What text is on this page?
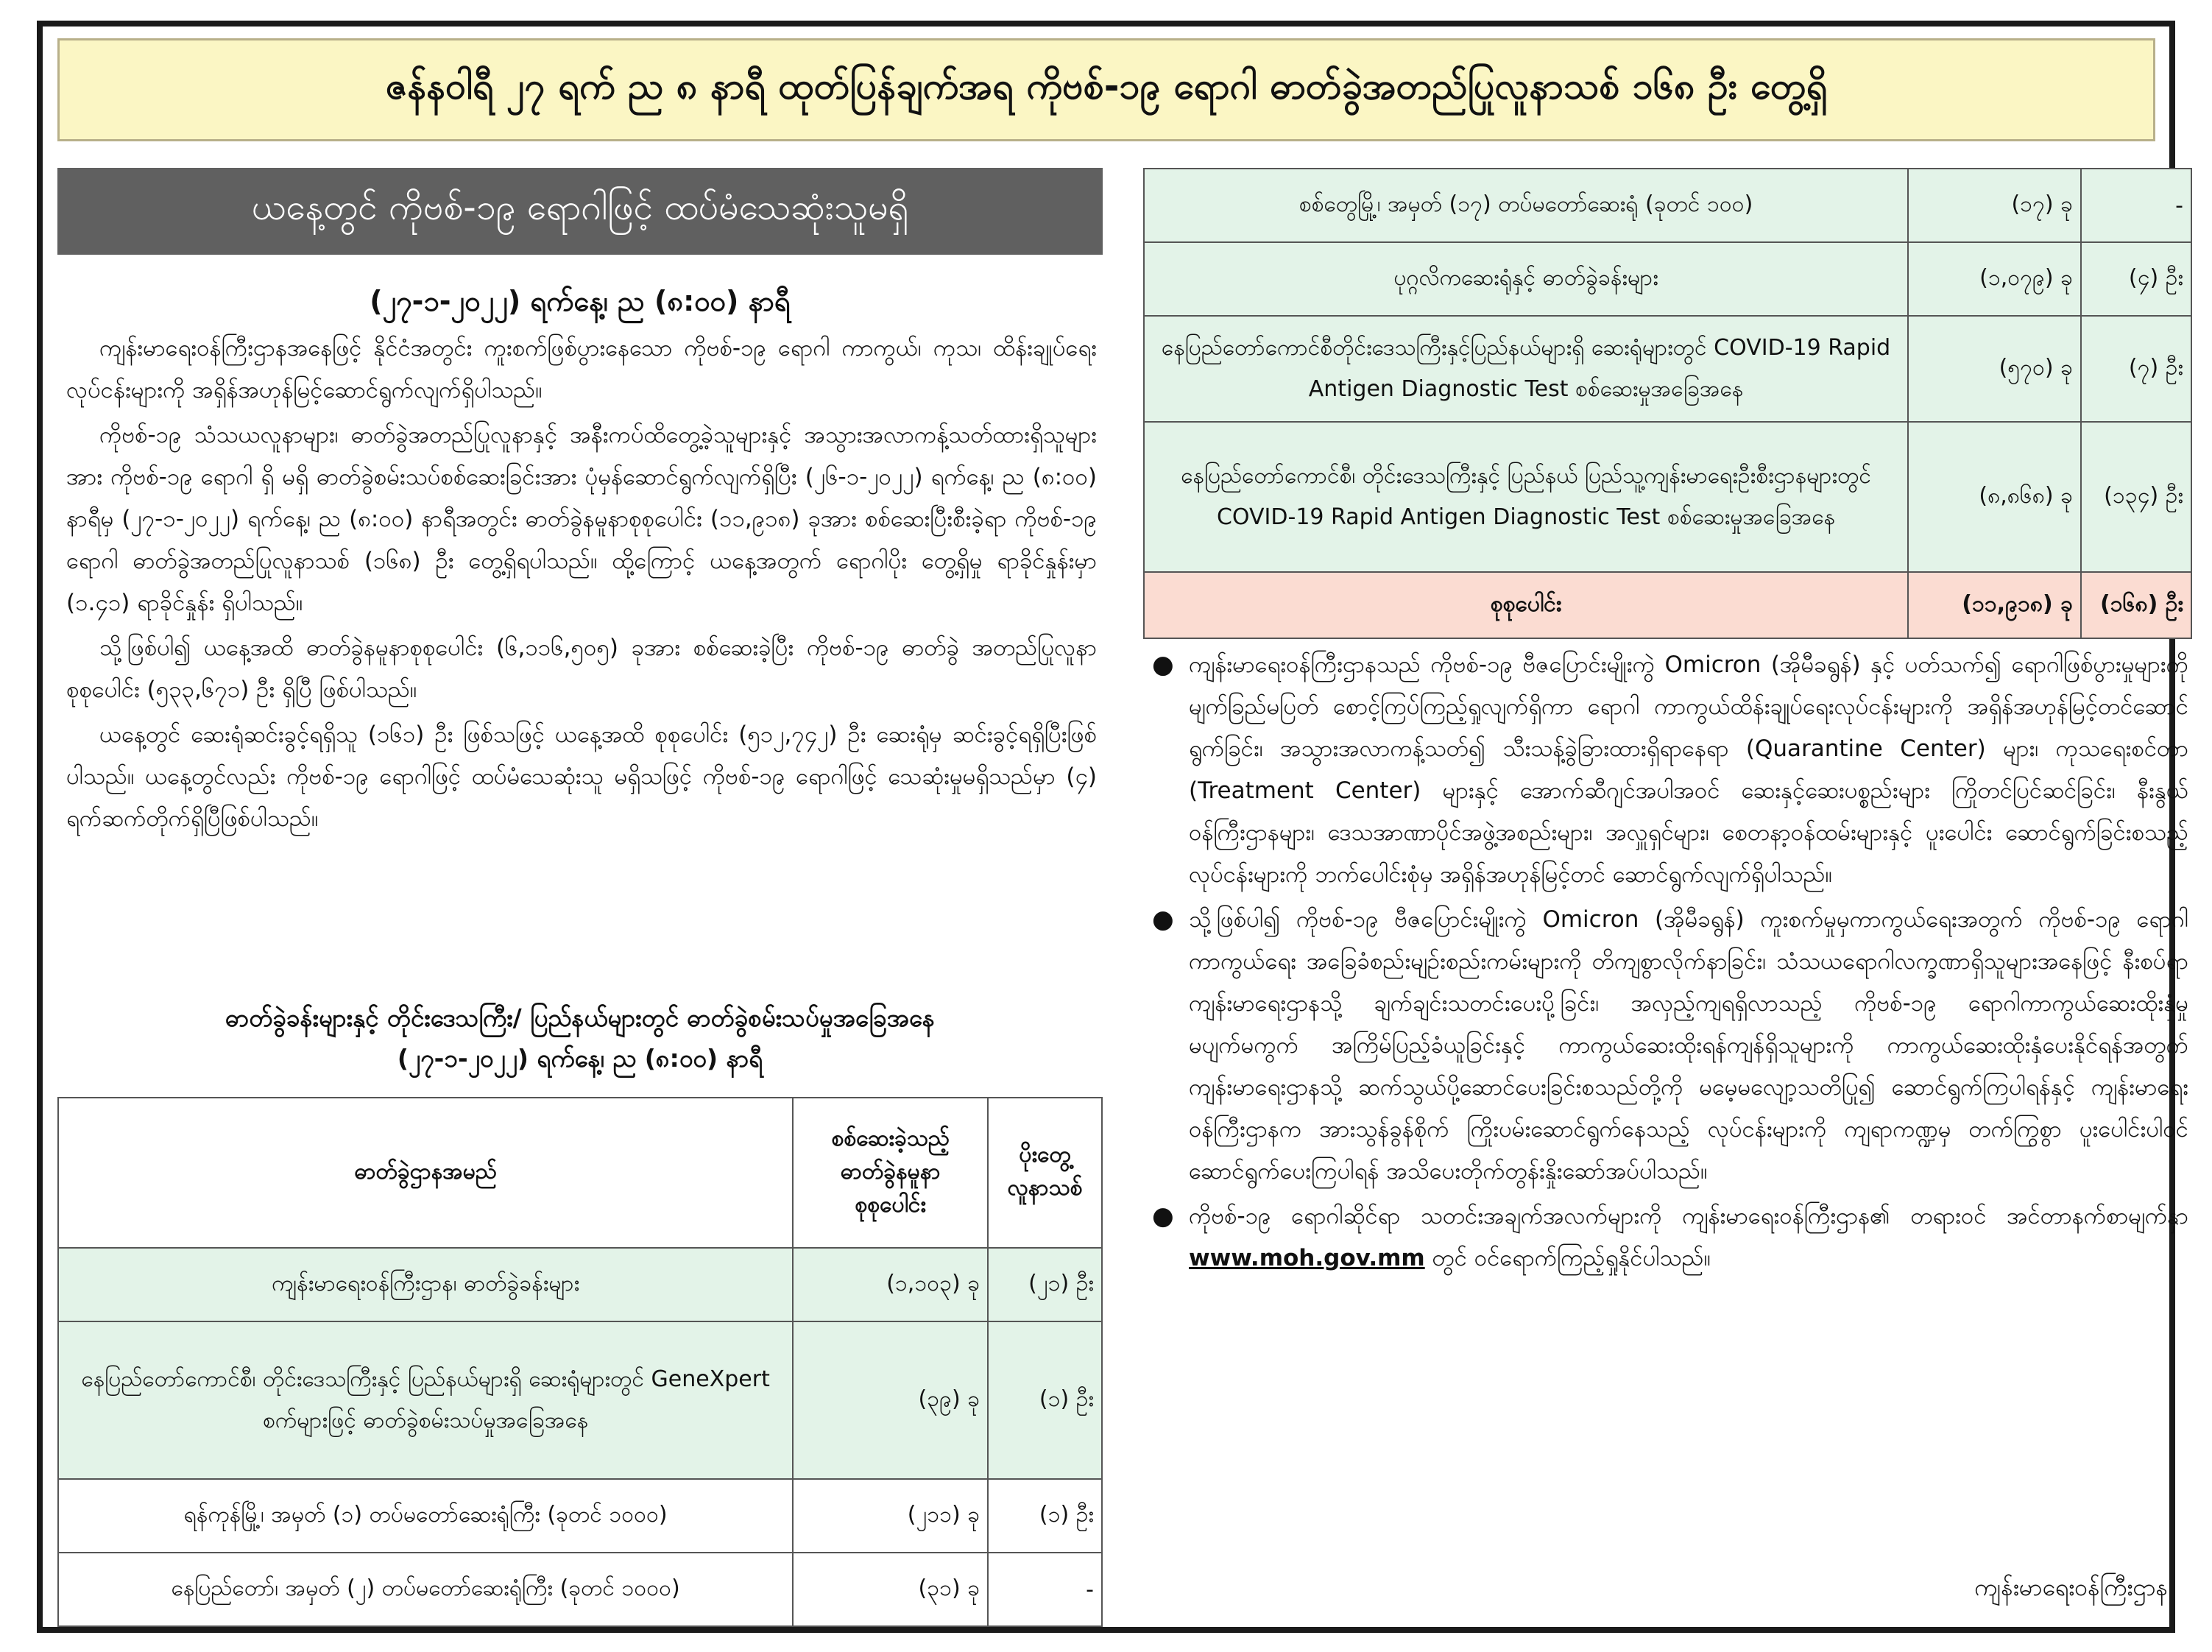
ဇန်နဝါရီ ၂၇ ရက် ည ၈ နာရီ ထုတ်ပြန်ချက်အရ ကိုဗစ်-၁၉ ရောဂါ ဓာတ်ခွဲအတည်ပြုလူနာသစ် ၁၆၈ ဦး တွေ့ရှိ
ယနေ့တွင် ကိုဗစ်-၁၉ ရောဂါဖြင့် ထပ်မံသေဆုံးသူမရှိ
(၂၇-၁-၂၀၂၂) ရက်နေ့၊ ည (၈:၀၀) နာရီ

ကျန်းမာရေးဝန်ကြီးဌာနအနေဖြင့် နိုင်ငံအတွင်း ကူးစက်ဖြစ်ပွားနေသော ကိုဗစ်-၁၉ ရောဂါ ကာကွယ်၊ ကုသ၊ ထိန်းချုပ်ရေးလုပ်ငန်းများကို အရှိန်အဟုန်မြင့်ဆောင်ရွက်လျက်ရှိပါသည်။

ကိုဗစ်-၁၉ သံသယလူနာများ၊ ဓာတ်ခွဲအတည်ပြုလူနာနှင့် အနီးကပ်ထိတွေ့ခဲ့သူများနှင့် အသွားအလာကန့်သတ်ထားရှိသူများအား ကိုဗစ်-၁၉ ရောဂါ ရှိ မရှိ ဓာတ်ခွဲစမ်းသပ်စစ်ဆေးခြင်းအား ပုံမှန်ဆောင်ရွက်လျက်ရှိပြီး (၂၆-၁-၂၀၂၂) ရက်နေ့၊ ည (၈:၀၀) နာရီမှ (၂၇-၁-၂၀၂၂) ရက်နေ့၊ ည (၈:၀၀) နာရီအတွင်း ဓာတ်ခွဲနမူနာစုစုပေါင်း (၁၁,၉၁၈) ခုအား စစ်ဆေးပြီးစီးခဲ့ရာ ကိုဗစ်-၁၉ ရောဂါ ဓာတ်ခွဲအတည်ပြုလူနာသစ် (၁၆၈) ဦး တွေ့ရှိရပါသည်။ ထို့ကြောင့် ယနေ့အတွက် ရောဂါပိုး တွေ့ရှိမှု ရာခိုင်နှုန်းမှာ (၁.၄၁) ရာခိုင်နှုန်း ရှိပါသည်။

သို့ဖြစ်ပါ၍ ယနေ့အထိ ဓာတ်ခွဲနမူနာစုစုပေါင်း (၆,၁၁၆,၅၀၅) ခုအား စစ်ဆေးခဲ့ပြီး ကိုဗစ်-၁၉ ဓာတ်ခွဲ အတည်ပြုလူနာ စုစုပေါင်း (၅၃၃,၆၇၁) ဦး ရှိပြီ ဖြစ်ပါသည်။

ယနေ့တွင် ဆေးရုံဆင်းခွင့်ရရှိသူ (၁၆၁) ဦး ဖြစ်သဖြင့် ယနေ့အထိ စုစုပေါင်း (၅၁၂,၇၄၂) ဦး ဆေးရုံမှ ဆင်းခွင့်ရရှိပြီးဖြစ်ပါသည်။ ယနေ့တွင်လည်း ကိုဗစ်-၁၉ ရောဂါဖြင့် ထပ်မံသေဆုံးသူ မရှိသဖြင့် ကိုဗစ်-၁၉ ရောဂါဖြင့် သေဆုံးမှုမရှိသည်မှာ (၄) ရက်ဆက်တိုက်ရှိပြီဖြစ်ပါသည်။

ဓာတ်ခွဲခန်းများနှင့် တိုင်းဒေသကြီး/ ပြည်နယ်များတွင် ဓာတ်ခွဲစမ်းသပ်မှုအခြေအနေ
(၂၇-၁-၂၀၂၂) ရက်နေ့၊ ည (၈:၀၀) နာရီ
ဓာတ်ခွဲဌာနအမည်	စစ်ဆေးခဲ့သည့် ဓာတ်ခွဲနမူနာ စုစုပေါင်း	ပိုးတွေ့ လူနာသစ်
ကျန်းမာရေးဝန်ကြီးဌာန၊ ဓာတ်ခွဲခန်းများ	(၁,၁၀၃) ခု	(၂၁) ဦး
နေပြည်တော်ကောင်စီ၊ တိုင်းဒေသကြီးနှင့် ပြည်နယ်များရှိ ဆေးရုံများတွင် GeneXpert စက်များဖြင့် ဓာတ်ခွဲစမ်းသပ်မှုအခြေအနေ	(၃၉) ခု	(၁) ဦး
ရန်ကုန်မြို့၊ အမှတ် (၁) တပ်မတော်ဆေးရုံကြီး (ခုတင် ၁၀၀၀)	(၂၁၁) ခု	(၁) ဦး
နေပြည်တော်၊ အမှတ် (၂) တပ်မတော်ဆေးရုံကြီး (ခုတင် ၁၀၀၀)	(၃၁) ခု	-
စစ်တွေမြို့၊ အမှတ် (၁၇) တပ်မတော်ဆေးရုံ (ခုတင် ၁၀၀)	(၁၇) ခု	-
ပုဂ္ဂလိကဆေးရုံနှင့် ဓာတ်ခွဲခန်းများ	(၁,၀၇၉) ခု	(၄) ဦး
နေပြည်တော်ကောင်စီတိုင်းဒေသကြီးနှင့်ပြည်နယ်များရှိ ဆေးရုံများတွင် COVID-19 Rapid Antigen Diagnostic Test စစ်ဆေးမှုအခြေအနေ	(၅၇၀) ခု	(၇) ဦး
နေပြည်တော်ကောင်စီ၊ တိုင်းဒေသကြီးနှင့် ပြည်နယ် ပြည်သူ့ကျန်းမာရေးဦးစီးဌာနများတွင် COVID-19 Rapid Antigen Diagnostic Test စစ်ဆေးမှုအခြေအနေ	(၈,၈၆၈) ခု	(၁၃၄) ဦး
စုစုပေါင်း	(၁၁,၉၁၈) ခု	(၁၆၈) ဦး
● ကျန်းမာရေးဝန်ကြီးဌာနသည် ကိုဗစ်-၁၉ ဗီဇပြောင်းမျိုးကွဲ Omicron (အိုမီခရွန်) နှင့် ပတ်သက်၍ ရောဂါဖြစ်ပွားမှုများကို မျက်ခြည်မပြတ် စောင့်ကြပ်ကြည့်ရှုလျက်ရှိကာ ရောဂါ ကာကွယ်ထိန်းချုပ်ရေးလုပ်ငန်းများကို အရှိန်အဟုန်မြင့်တင်ဆောင်ရွက်ခြင်း၊ အသွားအလာကန့်သတ်၍ သီးသန့်ခွဲခြားထားရှိရာနေရာ (Quarantine Center) များ၊ ကုသရေးစင်တာ (Treatment Center) များနှင့် အောက်ဆီဂျင်အပါအဝင် ဆေးနှင့်ဆေးပစ္စည်းများ ကြိုတင်ပြင်ဆင်ခြင်း၊ နီးနွယ်ဝန်ကြီးဌာနများ၊ ဒေသအာဏာပိုင်အဖွဲ့အစည်းများ၊ အလှူရှင်များ၊ စေတနာ့ဝန်ထမ်းများနှင့် ပူးပေါင်း ဆောင်ရွက်ခြင်းစသည့် လုပ်ငန်းများကို ဘက်ပေါင်းစုံမှ အရှိန်အဟုန်မြင့်တင် ဆောင်ရွက်လျက်ရှိပါသည်။
● သို့ဖြစ်ပါ၍ ကိုဗစ်-၁၉ ဗီဇပြောင်းမျိုးကွဲ Omicron (အိုမီခရွန်) ကူးစက်မှုမှကာကွယ်ရေးအတွက် ကိုဗစ်-၁၉ ရောဂါကာကွယ်ရေး အခြေခံစည်းမျဉ်းစည်းကမ်းများကို တိကျစွာလိုက်နာခြင်း၊ သံသယရောဂါလက္ခဏာရှိသူများအနေဖြင့် နီးစပ်ရာကျန်းမာရေးဌာနသို့ ချက်ချင်းသတင်းပေးပို့ခြင်း၊ အလှည့်ကျရရှိလာသည့် ကိုဗစ်-၁၉ ရောဂါကာကွယ်ဆေးထိုးနှံမှု မပျက်မကွက် အကြိမ်ပြည့်ခံယူခြင်းနှင့် ကာကွယ်ဆေးထိုးရန်ကျန်ရှိသူများကို ကာကွယ်ဆေးထိုးနှံပေးနိုင်ရန်အတွက် ကျန်းမာရေးဌာနသို့ ဆက်သွယ်ပို့ဆောင်ပေးခြင်းစသည်တို့ကို မမေ့မလျော့သတိပြု၍ ဆောင်ရွက်ကြပါရန်နှင့် ကျန်းမာရေးဝန်ကြီးဌာနက အားသွန်ခွန်စိုက် ကြိုးပမ်းဆောင်ရွက်နေသည့် လုပ်ငန်းများကို ကျရာကဏ္ဍမှ တက်ကြွစွာ ပူးပေါင်းပါဝင်ဆောင်ရွက်ပေးကြပါရန် အသိပေးတိုက်တွန်းနှိုးဆော်အပ်ပါသည်။
● ကိုဗစ်-၁၉ ရောဂါဆိုင်ရာ သတင်းအချက်အလက်များကို ကျန်းမာရေးဝန်ကြီးဌာန၏ တရားဝင် အင်တာနက်စာမျက်နှာ www.moh.gov.mm တွင် ဝင်ရောက်ကြည့်ရှုနိုင်ပါသည်။
ကျန်းမာရေးဝန်ကြီးဌာန
